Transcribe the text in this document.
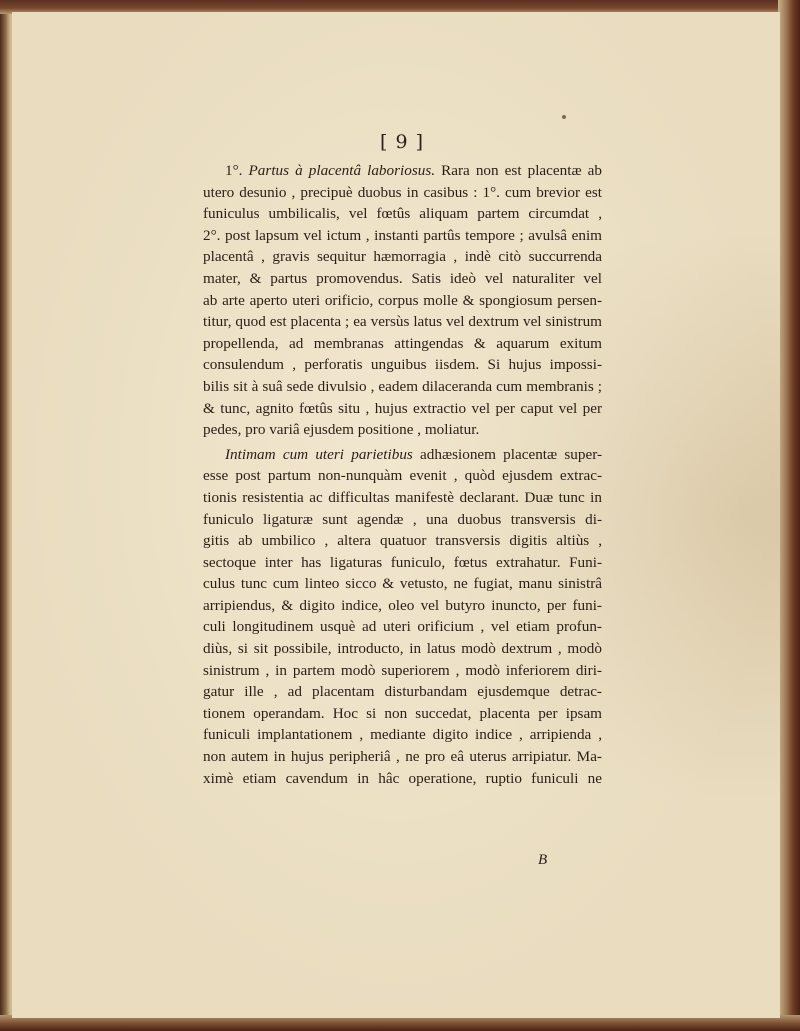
[ 9 ]
1°. Partus à placentâ laboriosus. Rara non est placentæ ab
utero desunio , precipuè duobus in casibus : 1°. cum brevior est
funiculus umbilicalis, vel fœtûs aliquam partem circumdat ,
2°. post lapsum vel ictum , instanti partûs tempore ; avulsâ enim
placentâ , gravis sequitur hæmorragia , indè citò succurrenda
mater, & partus promovendus. Satis ideò vel naturaliter vel
ab arte aperto uteri orificio, corpus molle & spongiosum persen-
titur, quod est placenta ; ea versùs latus vel dextrum vel sinistrum
propellenda, ad membranas attingendas & aquarum exitum
consulendum , perforatis unguibus iisdem. Si hujus impossi-
bilis sit à suâ sede divulsio , eadem dilaceranda cum membranis ;
& tunc, agnito fœtûs situ , hujus extractio vel per caput vel per
pedes, pro variâ ejusdem positione , moliatur.
Intimam cum uteri parietibus adhæsionem placentæ super-
esse post partum non-nunquàm evenit , quòd ejusdem extrac-
tionis resistentia ac difficultas manifestè declarant. Duæ tunc in
funiculo ligaturæ sunt agendæ , una duobus transversis di-
gitis ab umbilico , altera quatuor transversis digitis altiùs ,
sectoque inter has ligaturas funiculo, fœtus extrahatur. Funi-
culus tunc cum linteo sicco & vetusto, ne fugiat, manu sinistrâ
arripiendus, & digito indice, oleo vel butyro inuncto, per funi-
culi longitudinem usquè ad uteri orificium , vel etiam profun-
diùs, si sit possibile, introducto, in latus modò dextrum , modò
sinistrum , in partem modò superiorem , modò inferiorem diri-
gatur ille , ad placentam disturbandam ejusdemque detrac-
tionem operandam. Hoc si non succedat, placenta per ipsam
funiculi implantationem , mediante digito indice , arripienda ,
non autem in hujus peripheriâ , ne pro eâ uterus arripiatur. Ma-
ximè etiam cavendum in hâc operatione, ruptio funiculi ne
B
